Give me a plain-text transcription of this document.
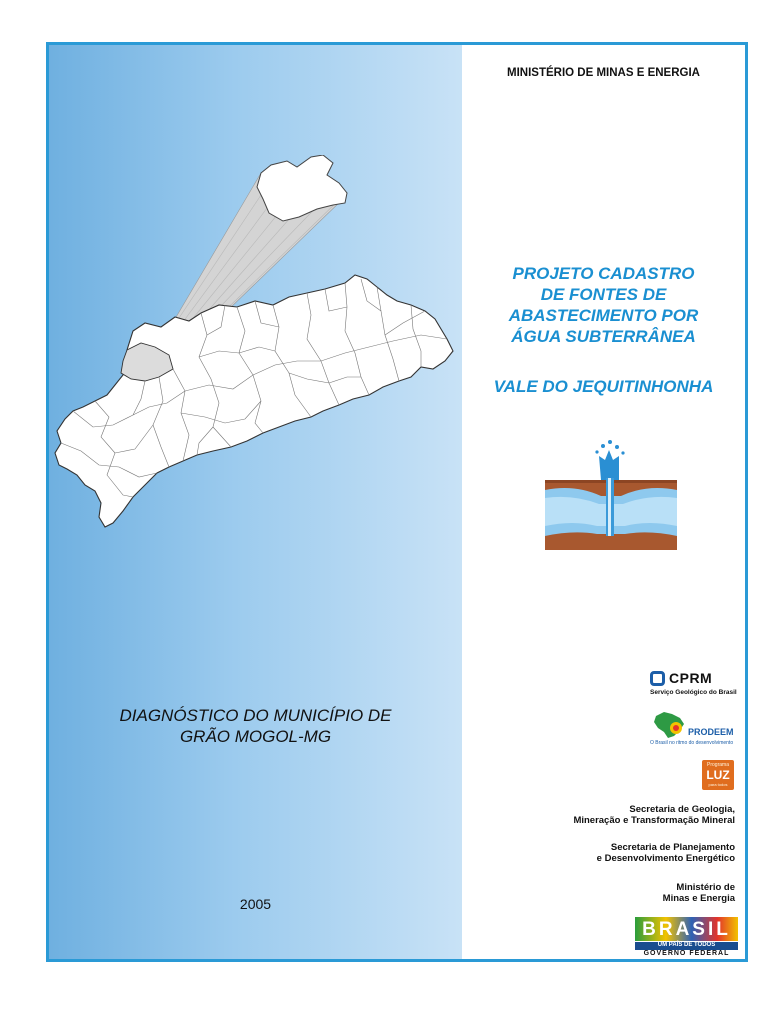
DIAGNÓSTICO DO MUNICÍPIO DE
GRÃO MOGOL-MG
2005
MINISTÉRIO DE MINAS E ENERGIA
PROJETO CADASTRO
DE FONTES DE
ABASTECIMENTO POR
ÁGUA SUBTERRÂNEA
VALE DO JEQUITINHONHA
CPRM
Serviço Geológico do Brasil
PRODEEM
O Brasil no ritmo do desenvolvimento
Programa
LUZ
para todos
Secretaria de Geologia,
Mineração e Transformação Mineral
Secretaria de Planejamento
e Desenvolvimento Energético
Ministério de
Minas e Energia
BRASIL
UM PAÍS DE TODOS
GOVERNO FEDERAL
